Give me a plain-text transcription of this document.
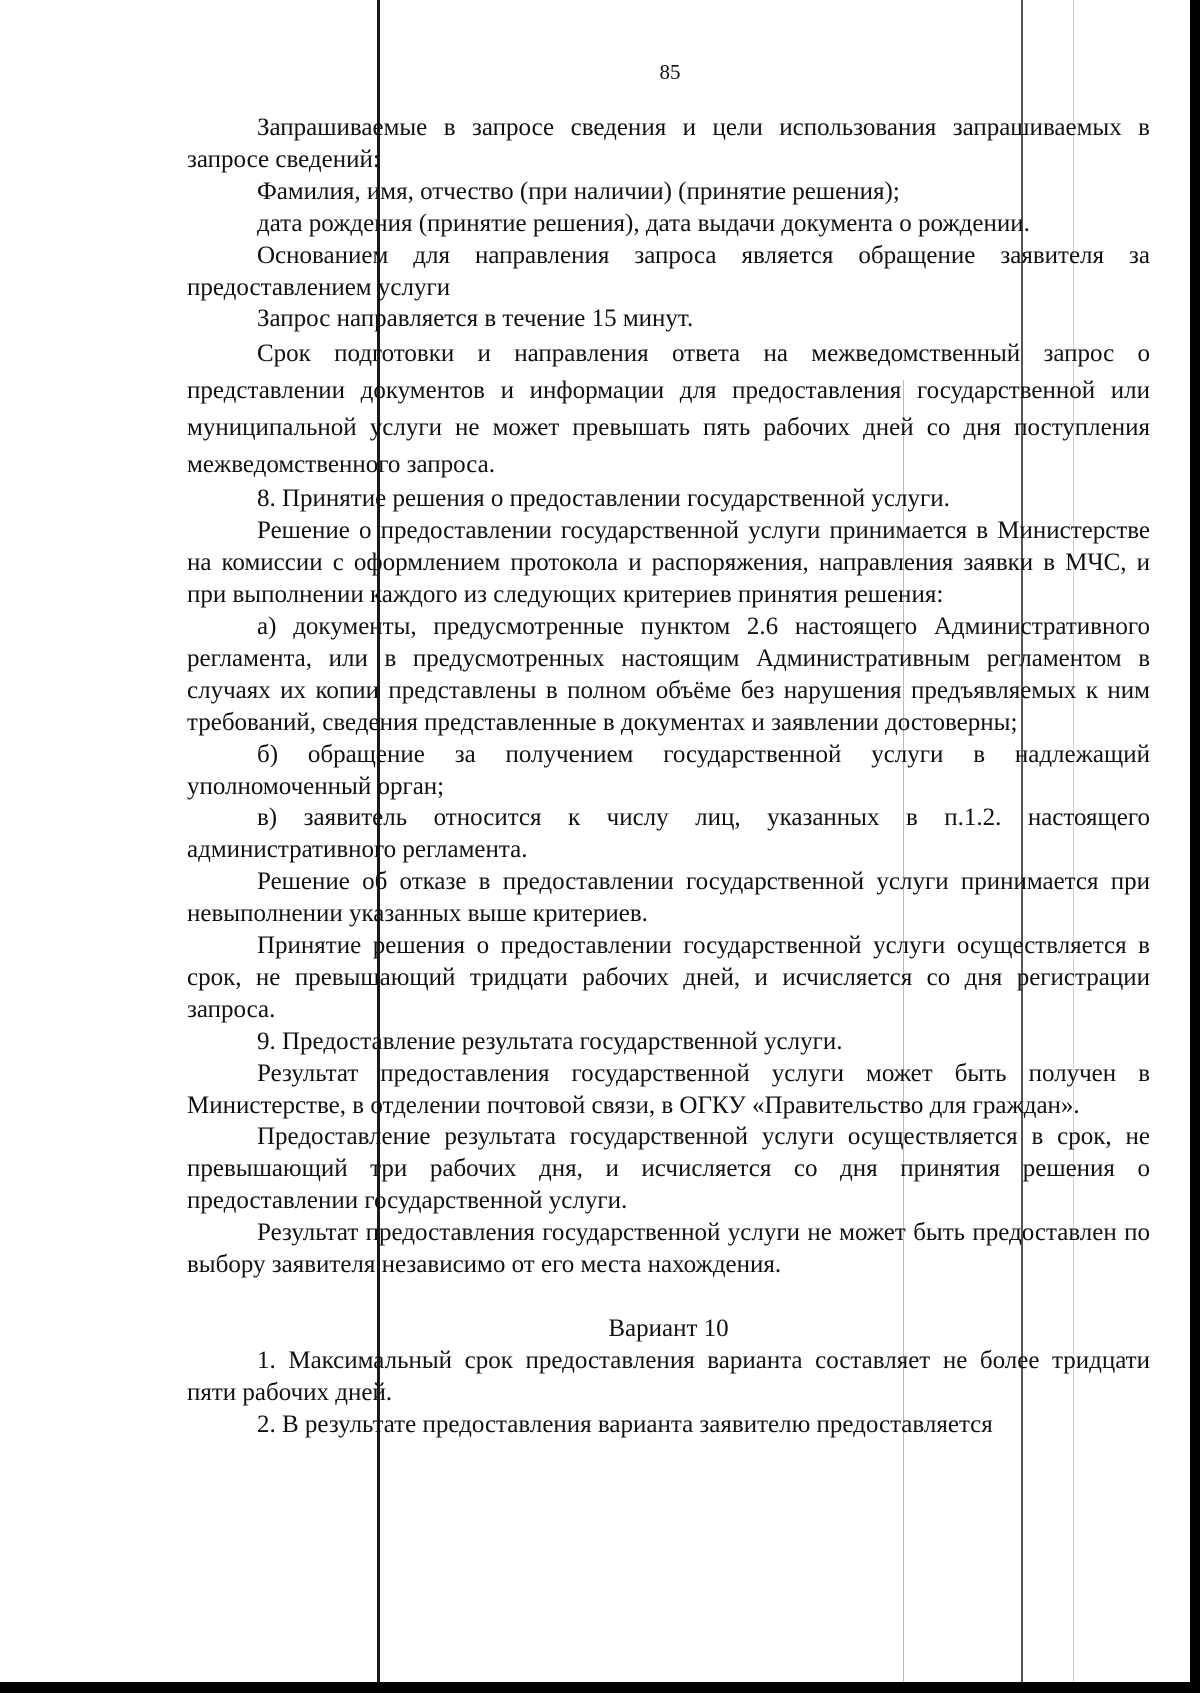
85

Запрашиваемые в запросе сведения и цели использования запрашиваемых в запросе сведений:

Фамилия, имя, отчество (при наличии) (принятие решения);

дата рождения (принятие решения), дата выдачи документа о рождении.

Основанием для направления запроса является обращение заявителя за предоставлением услуги

Запрос направляется в течение 15 минут.

Срок подготовки и направления ответа на межведомственный запрос о представлении документов и информации для предоставления государственной или муниципальной услуги не может превышать пять рабочих дней со дня поступления межведомственного запроса.

8. Принятие решения о предоставлении государственной услуги.

Решение о предоставлении государственной услуги принимается в Министерстве на комиссии с оформлением протокола и распоряжения, направления заявки в МЧС, и при выполнении каждого из следующих критериев принятия решения:

а) документы, предусмотренные пунктом 2.6 настоящего Административного регламента, или в предусмотренных настоящим Административным регламентом в случаях их копии представлены в полном объёме без нарушения предъявляемых к ним требований, сведения представленные в документах и заявлении достоверны;

б) обращение за получением государственной услуги в надлежащий уполномоченный орган;

в) заявитель относится к числу лиц, указанных в п.1.2. настоящего административного регламента.

Решение об отказе в предоставлении государственной услуги принимается при невыполнении указанных выше критериев.

Принятие решения о предоставлении государственной услуги осуществляется в срок, не превышающий тридцати рабочих дней, и исчисляется со дня регистрации запроса.

9. Предоставление результата государственной услуги.

Результат предоставления государственной услуги может быть получен в Министерстве, в отделении почтовой связи, в ОГКУ «Правительство для граждан».

Предоставление результата государственной услуги осуществляется в срок, не превышающий три рабочих дня, и исчисляется со дня принятия решения о предоставлении государственной услуги.

Результат предоставления государственной услуги не может быть предоставлен по выбору заявителя независимо от его места нахождения.

Вариант 10

1. Максимальный срок предоставления варианта составляет не более тридцати пяти рабочих дней.

2. В результате предоставления варианта заявителю предоставляется
